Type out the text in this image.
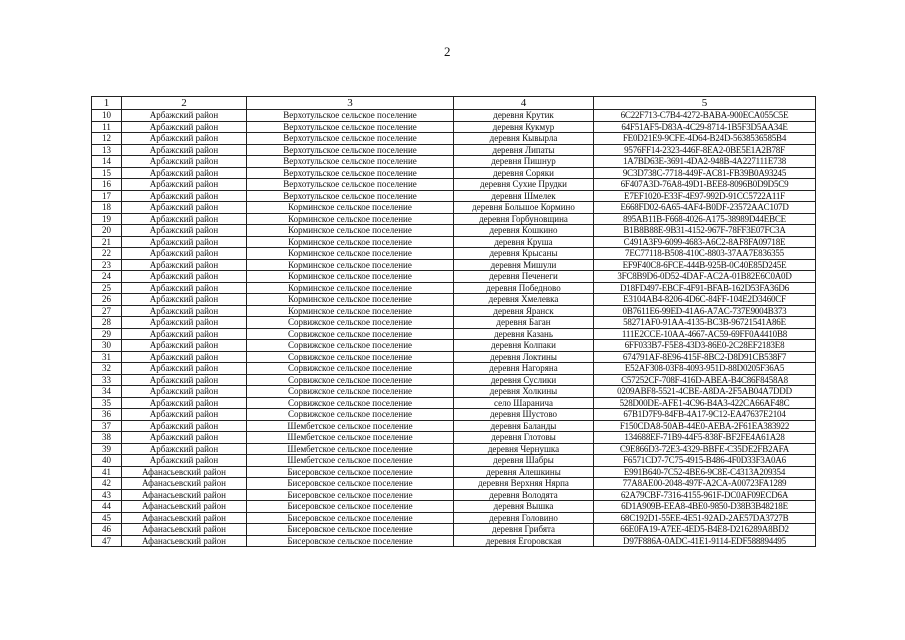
2
1	2	3	4	5
10	Арбажский район	Верхотульское сельское поселение	деревня Крутик	6C22F713-C7B4-4272-BABA-900ECA055C5E
11	Арбажский район	Верхотульское сельское поселение	деревня Кукмур	64F51AF5-D83A-4C29-8714-1B5F3D5AA34E
12	Арбажский район	Верхотульское сельское поселение	деревня Кывырла	FE0D21E9-9CFE-4D64-B24D-5638536585B4
13	Арбажский район	Верхотульское сельское поселение	деревня Липаты	9576FF14-2323-446F-8EA2-0BE5E1A2B78F
14	Арбажский район	Верхотульское сельское поселение	деревня Пишнур	1A7BD63E-3691-4DA2-948B-4A227111E738
15	Арбажский район	Верхотульское сельское поселение	деревня Соряки	9C3D738C-7718-449F-AC81-FB39B0A93245
16	Арбажский район	Верхотульское сельское поселение	деревня Сухие Прудки	6F407A3D-76A8-49D1-BEE8-8096B0D9D5C9
17	Арбажский район	Верхотульское сельское поселение	деревня Шмелек	E7EF1020-E33F-4E97-992D-91CC5722A11F
18	Арбажский район	Корминское сельское поселение	деревня Большое Кормино	E668FD02-6A65-4AF4-B0DF-23572AAC107D
19	Арбажский район	Корминское сельское поселение	деревня Горбуновщина	895AB11B-F668-4026-A175-38989D44EBCE
20	Арбажский район	Корминское сельское поселение	деревня Кошкино	B1B8B88E-9B31-4152-967F-78FF3E07FC3A
21	Арбажский район	Корминское сельское поселение	деревня Круша	C491A3F9-6099-4683-A6C2-8AF8FA09718E
22	Арбажский район	Корминское сельское поселение	деревня Крысаны	7EC77118-B508-410C-8803-37AA7E836355
23	Арбажский район	Корминское сельское поселение	деревня Мишули	EF9F40C8-6FCE-444B-925B-0C40E85D245E
24	Арбажский район	Корминское сельское поселение	деревня Печенеги	3FC8B9D6-0D52-4DAF-AC2A-01B82E6C0A0D
25	Арбажский район	Корминское сельское поселение	деревня Победново	D18FD497-EBCF-4F91-BFAB-162D53FA36D6
26	Арбажский район	Корминское сельское поселение	деревня Хмелевка	E3104AB4-8206-4D6C-84FF-104E2D3460CF
27	Арбажский район	Корминское сельское поселение	деревня Яранск	0B7611E6-99ED-41A6-A7AC-737E9004B373
28	Арбажский район	Сорвижское сельское поселение	деревня Баган	58271AF0-91AA-4135-BC3B-96721541A86E
29	Арбажский район	Сорвижское сельское поселение	деревня Казань	111E2CCE-10AA-4667-AC59-69FF0A4410B8
30	Арбажский район	Сорвижское сельское поселение	деревня Колпаки	6FF033B7-F5E8-43D3-86E0-2C28EF2183E8
31	Арбажский район	Сорвижское сельское поселение	деревня Локтины	674791AF-8E96-415F-8BC2-D8D91CB538F7
32	Арбажский район	Сорвижское сельское поселение	деревня Нагоряна	E52AF308-03F8-4093-951D-88D0205F36A5
33	Арбажский район	Сорвижское сельское поселение	деревня Суслики	C57252CF-708F-416D-ABEA-B4C86F8458A8
34	Арбажский район	Сорвижское сельское поселение	деревня Холкины	0209ABF8-5521-4CBE-A8DA-2F5AB04A7DDD
35	Арбажский район	Сорвижское сельское поселение	село Шаранича	528D00DE-AFE1-4C96-B4A3-422CA66AF48C
36	Арбажский район	Сорвижское сельское поселение	деревня Шустово	67B1D7F9-84FB-4A17-9C12-EA47637E2104
37	Арбажский район	Шембетское сельское поселение	деревня Баланды	F150CDA8-50AB-44E0-AEBA-2F61EA383922
38	Арбажский район	Шембетское сельское поселение	деревня Глотовы	134688EF-71B9-44F5-838F-BF2FE4A61A28
39	Арбажский район	Шембетское сельское поселение	деревня Чернушка	C9E866D3-72E3-4329-BBFE-C35DE2FB2AFA
40	Арбажский район	Шембетское сельское поселение	деревня Шабры	F6571CD7-7C75-4915-B486-4F0D33F3A0A6
41	Афанасьевский район	Бисеровское сельское поселение	деревня Алешкины	E991B640-7C52-4BE6-9C8E-C4313A209354
42	Афанасьевский район	Бисеровское сельское поселение	деревня Верхняя Нярпа	77A8AE00-2048-497F-A2CA-A00723FA1289
43	Афанасьевский район	Бисеровское сельское поселение	деревня Володята	62A79CBF-7316-4155-961F-DC0AF09ECD6A
44	Афанасьевский район	Бисеровское сельское поселение	деревня Вышка	6D1A909B-EEA8-4BE0-9850-D38B3B48218E
45	Афанасьевский район	Бисеровское сельское поселение	деревня Головино	68C192D1-55EE-4E51-92AD-2AE57DA3727B
46	Афанасьевский район	Бисеровское сельское поселение	деревня Грибята	66E0FA19-A7EE-4ED5-B4E8-D216289A8BD2
47	Афанасьевский район	Бисеровское сельское поселение	деревня Егоровская	D97F886A-0ADC-41E1-9114-EDF588894495
